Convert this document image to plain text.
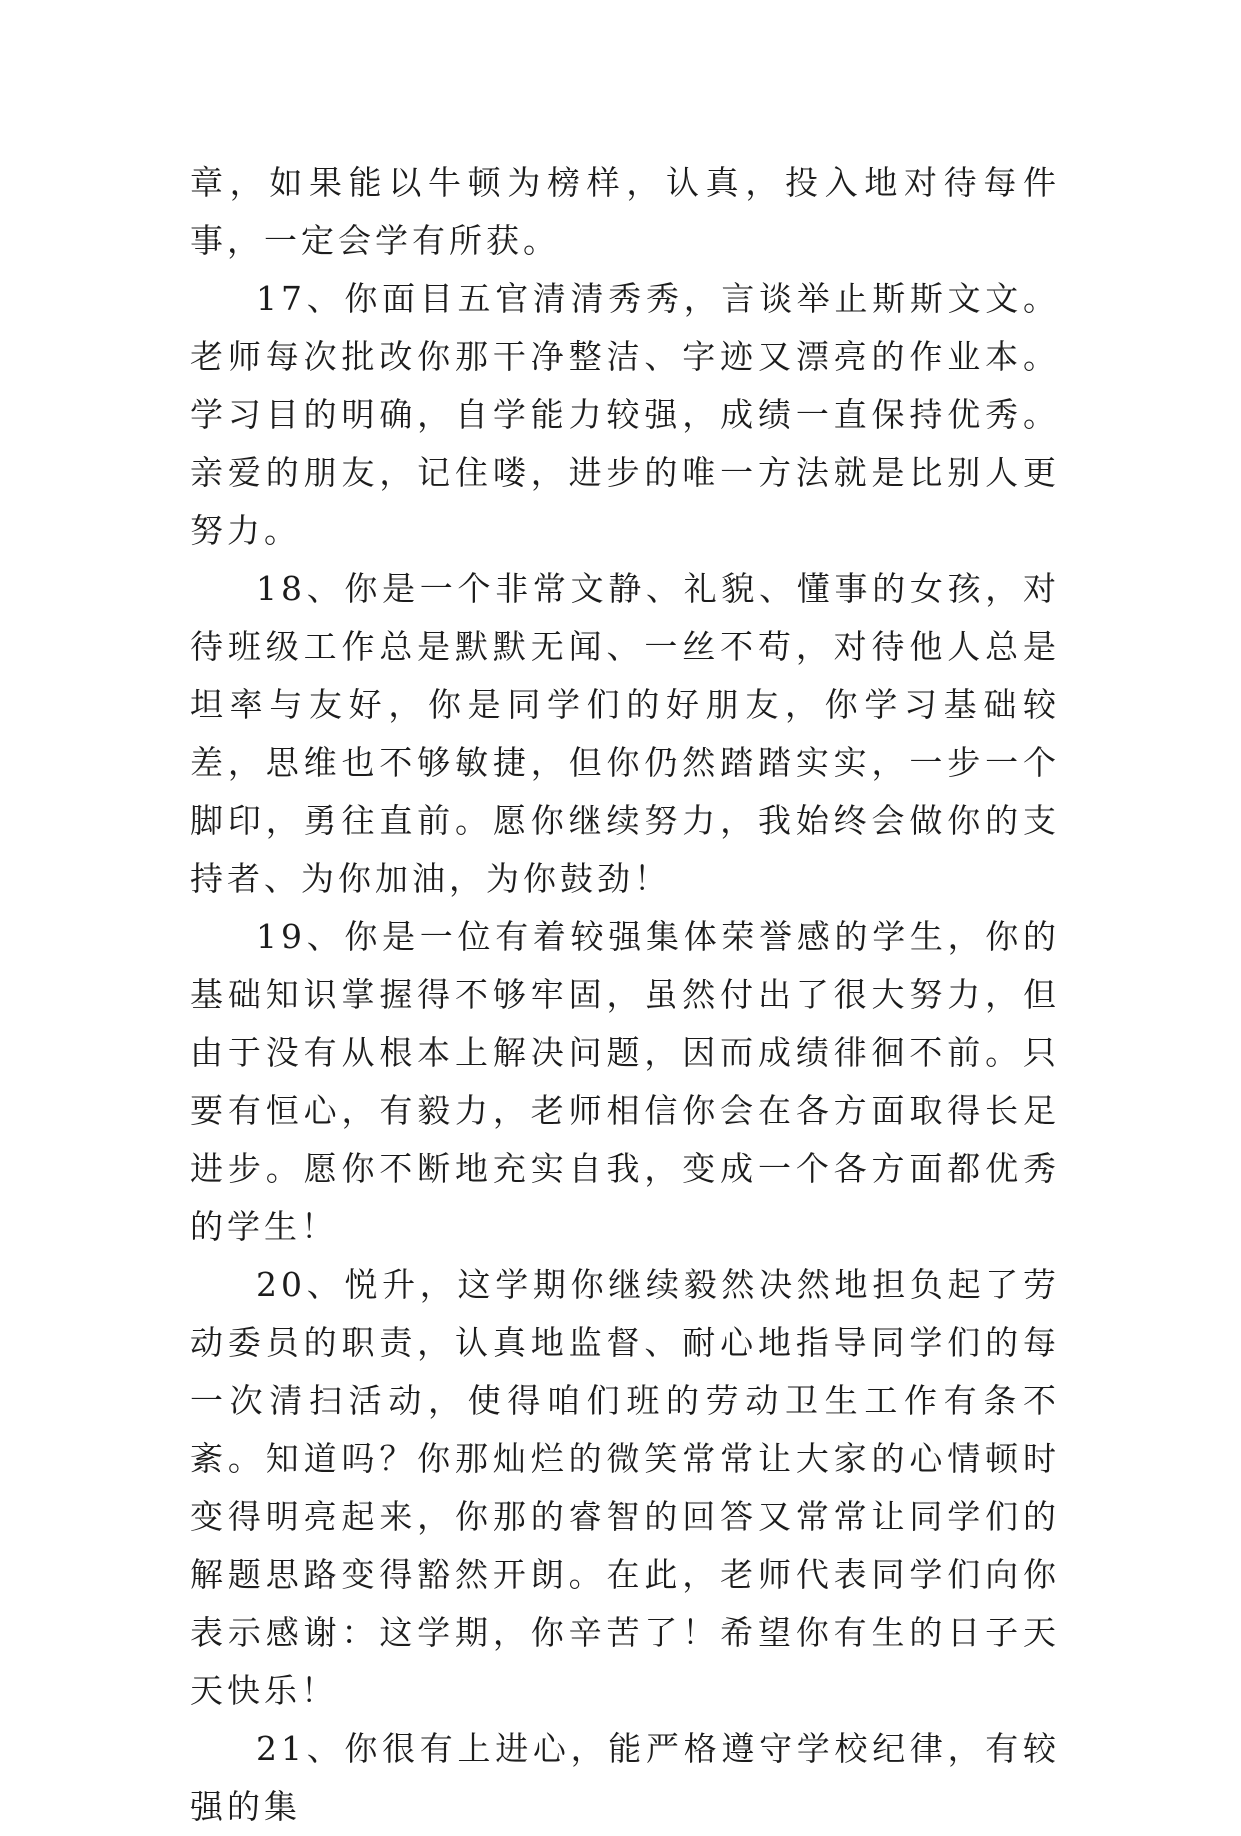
章，如果能以牛顿为榜样，认真，投入地对待每件事，一定会学有所获。

17、你面目五官清清秀秀，言谈举止斯斯文文。老师每次批改你那干净整洁、字迹又漂亮的作业本。学习目的明确，自学能力较强，成绩一直保持优秀。亲爱的朋友，记住喽，进步的唯一方法就是比别人更努力。

18、你是一个非常文静、礼貌、懂事的女孩，对待班级工作总是默默无闻、一丝不苟，对待他人总是坦率与友好，你是同学们的好朋友，你学习基础较差，思维也不够敏捷，但你仍然踏踏实实，一步一个脚印，勇往直前。愿你继续努力，我始终会做你的支持者、为你加油，为你鼓劲！

19、你是一位有着较强集体荣誉感的学生，你的基础知识掌握得不够牢固，虽然付出了很大努力，但由于没有从根本上解决问题，因而成绩徘徊不前。只要有恒心，有毅力，老师相信你会在各方面取得长足进步。愿你不断地充实自我，变成一个各方面都优秀的学生！

20、悦升，这学期你继续毅然决然地担负起了劳动委员的职责，认真地监督、耐心地指导同学们的每一次清扫活动，使得咱们班的劳动卫生工作有条不紊。知道吗？你那灿烂的微笑常常让大家的心情顿时变得明亮起来，你那的睿智的回答又常常让同学们的解题思路变得豁然开朗。在此，老师代表同学们向你表示感谢：这学期，你辛苦了！希望你有生的日子天天快乐！

21、你很有上进心，能严格遵守学校纪律，有较强的集
